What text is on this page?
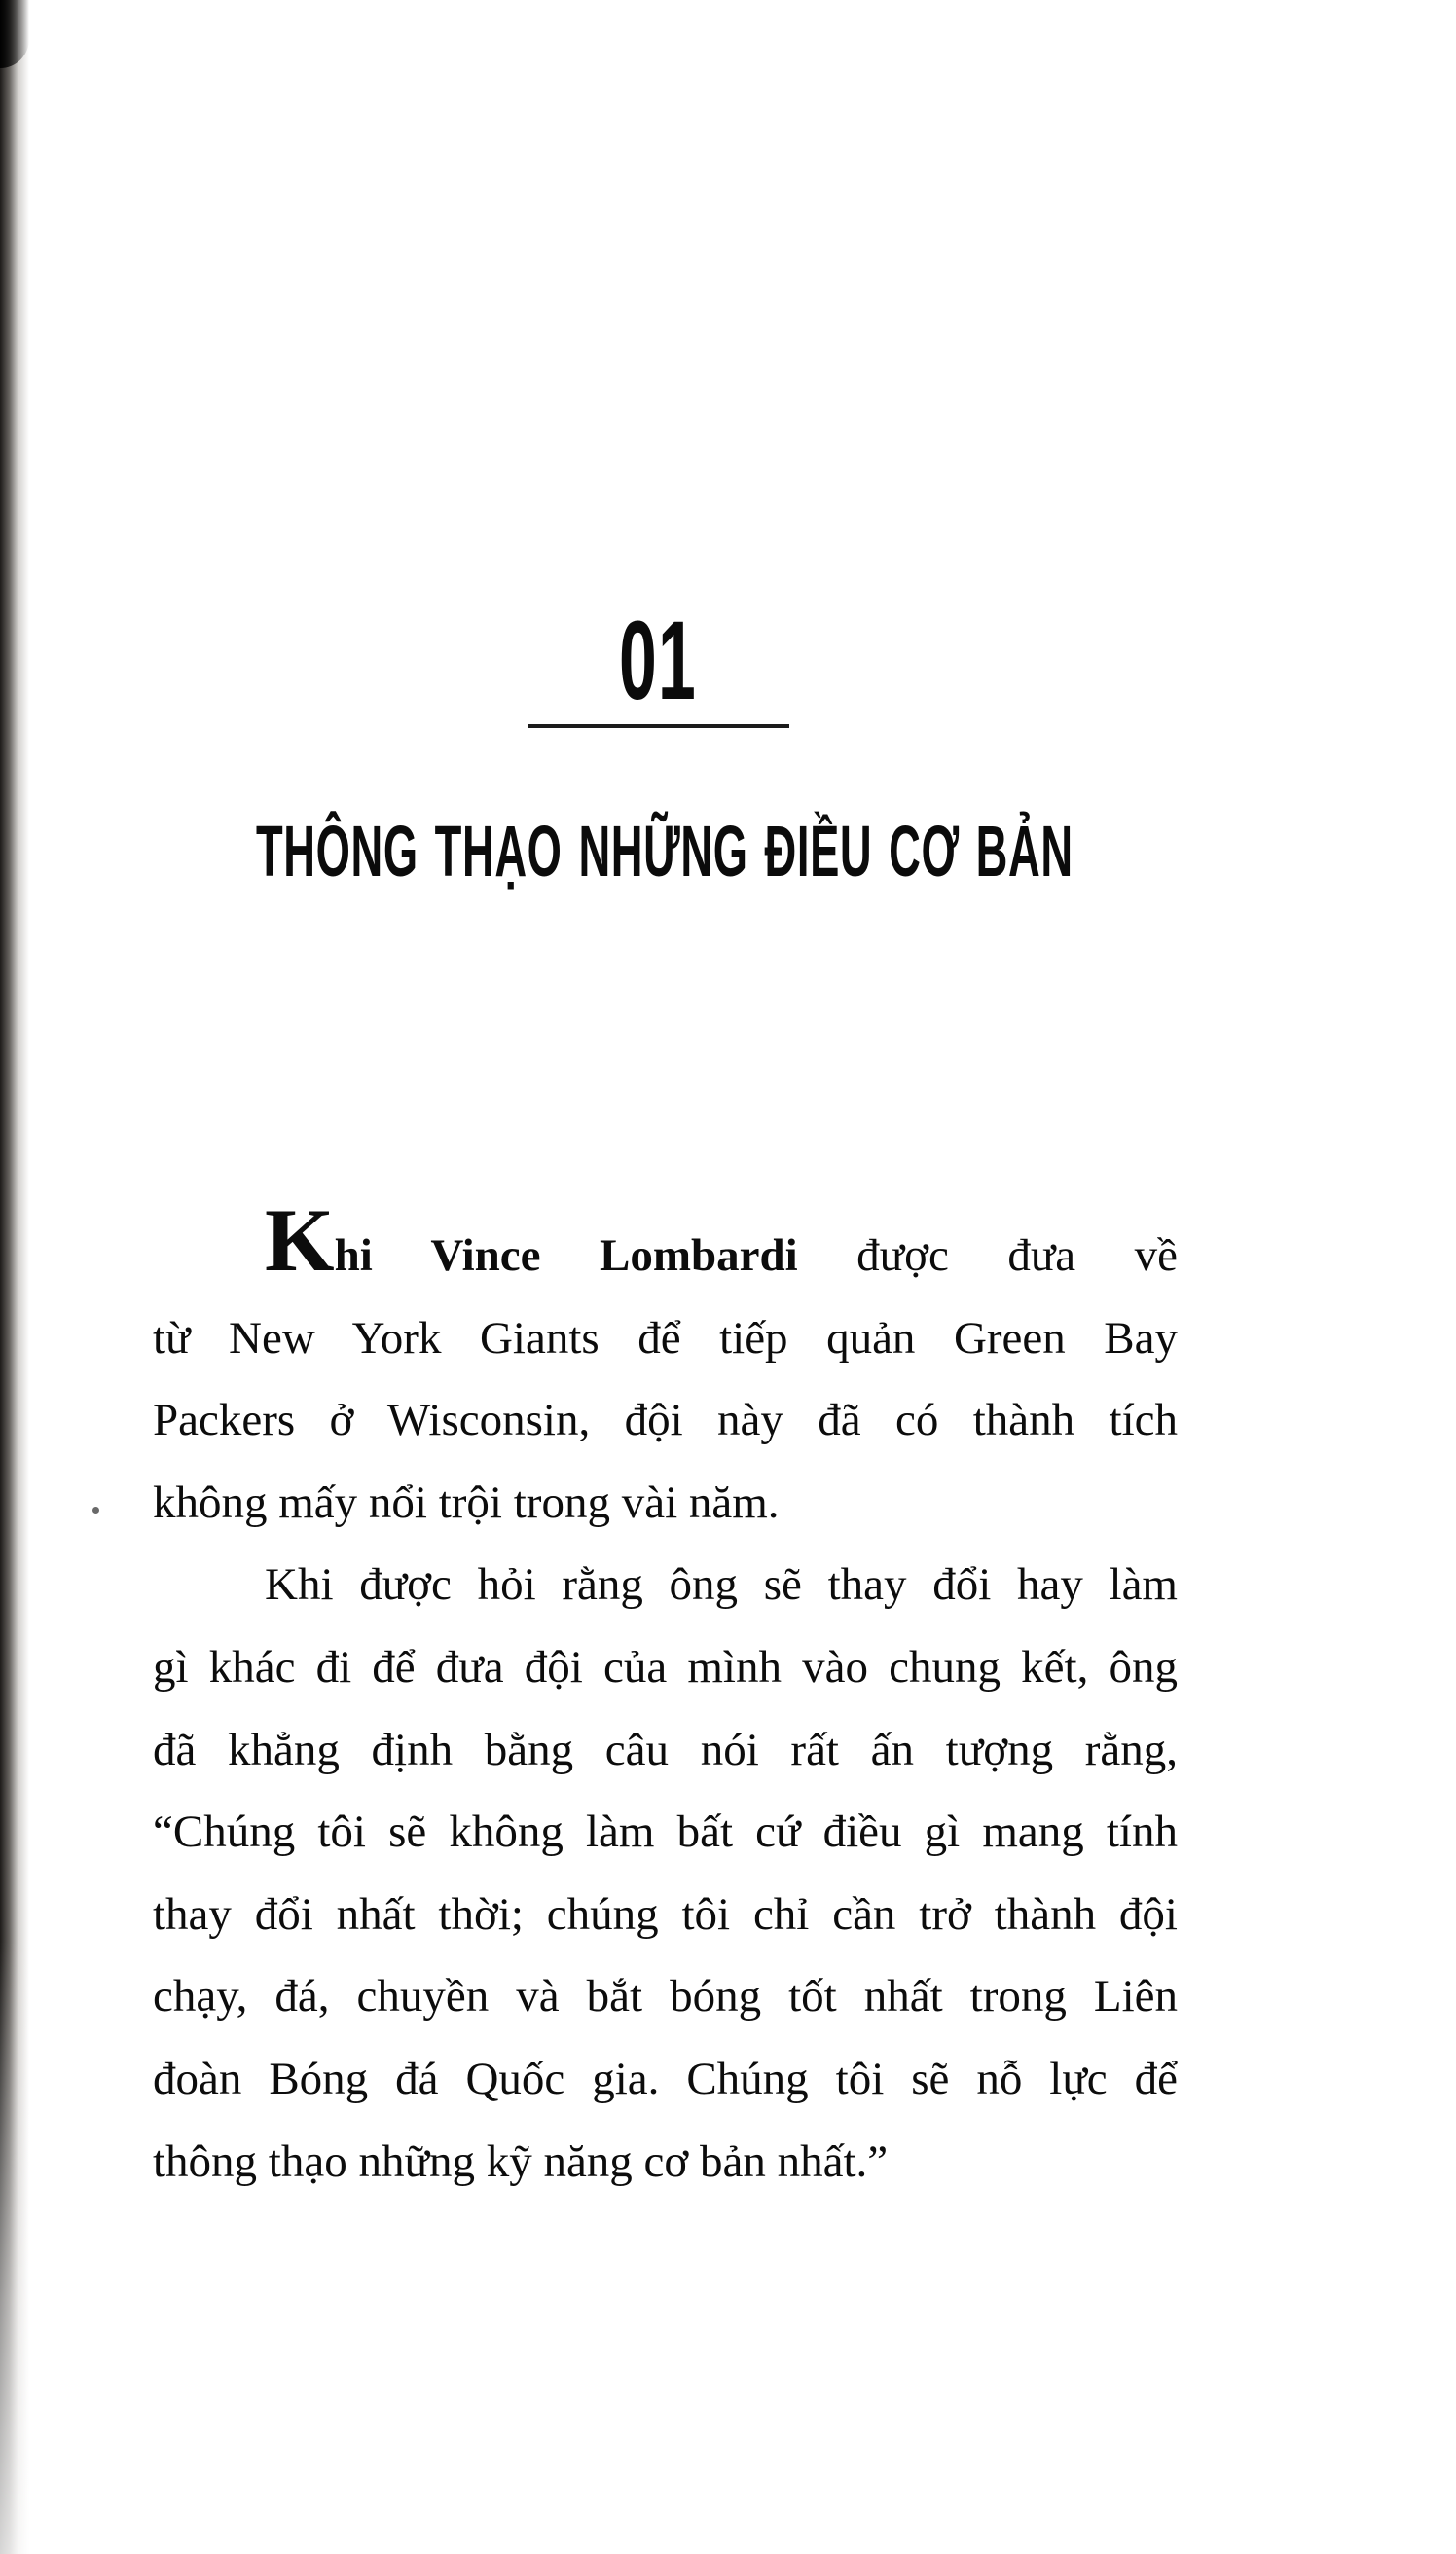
01
THÔNG THẠO NHỮNG ĐIỀU CƠ BẢN
Khi Vince Lombardi được đưa về
từ New York Giants để tiếp quản Green Bay
Packers ở Wisconsin, đội này đã có thành tích
không mấy nổi trội trong vài năm.
Khi được hỏi rằng ông sẽ thay đổi hay làm
gì khác đi để đưa đội của mình vào chung kết, ông
đã khẳng định bằng câu nói rất ấn tượng rằng,
“Chúng tôi sẽ không làm bất cứ điều gì mang tính
thay đổi nhất thời; chúng tôi chỉ cần trở thành đội
chạy, đá, chuyền và bắt bóng tốt nhất trong Liên
đoàn Bóng đá Quốc gia. Chúng tôi sẽ nỗ lực để
thông thạo những kỹ năng cơ bản nhất.”
